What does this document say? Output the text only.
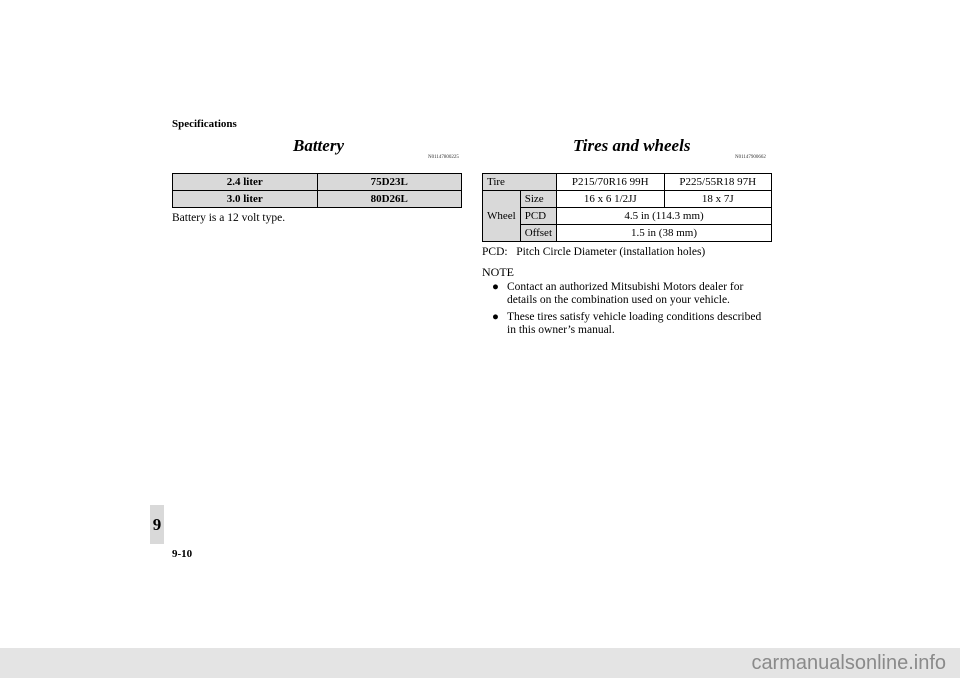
Specifications
Battery
N01147800225
2.4 liter	75D23L
3.0 liter	80D26L
Battery is a 12 volt type.
Tires and wheels
N01147900662
Tire		P215/70R16 99H	P225/55R18 97H
Wheel	Size	16 x 6 1/2JJ	18 x 7J
	PCD	4.5 in (114.3 mm)	
	Offset	1.5 in (38 mm)	
PCD:   Pitch Circle Diameter (installation holes)
NOTE
● Contact an authorized Mitsubishi Motors dealer for details on the combination used on your vehicle.
● These tires satisfy vehicle loading conditions described in this owner’s manual.
9
9-10
carmanualsonline.info
